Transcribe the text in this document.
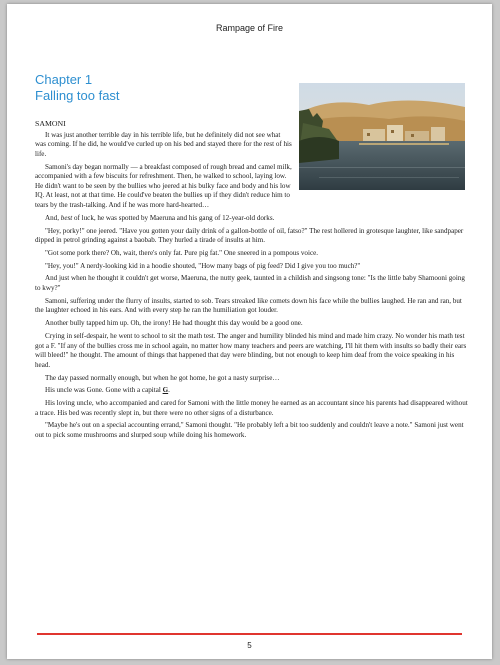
Rampage of Fire
Chapter 1
Falling too fast
SAMONI

It was just another terrible day in his terrible life, but he definitely did not see what was coming. If he did, he would've curled up on his bed and stayed there for the rest of his life.

Samoni's day began normally — a breakfast composed of rough bread and camel milk, accompanied with a few biscuits for refreshment. Then, he walked to school, laying low. He didn't want to be seen by the bullies who jeered at his bulky face and body and his low IQ. At least, not at that time. He could've beaten the bullies up if they didn't reduce him to tears by the trash-talking. And if he was more hard-hearted…

And, best of luck, he was spotted by Maeruna and his gang of 12-year-old dorks.

"Hey, porky!" one jeered. "Have you gotten your daily drink of a gallon-bottle of oil, fatso?" The rest hollered in grotesque laughter, like sandpaper dipped in petrol grinding against a baobab. They hurled a tirade of insults at him.

"Got some pork there? Oh, wait, there's only fat. Pure pig fat." One sneered in a pompous voice.

"Hey, you!" A nerdy-looking kid in a hoodie shouted, "How many bags of pig feed? Did I give you too much?"

And just when he thought it couldn't get worse, Maeruna, the nutty geek, taunted in a childish and singsong tone: "Is the little baby Shamooni going to kwy?"

Samoni, suffering under the flurry of insults, started to sob. Tears streaked like comets down his face while the bullies laughed. He ran and ran, but the laughter echoed in his ears. And with every step he ran the humiliation got louder.

Another bully tapped him up. Oh, the irony! He had thought this day would be a good one.

Crying in self-despair, he went to school to sit the math test. The anger and humility blinded his mind and made him crazy. No wonder his math test got a F. "If any of the bullies cross me in school again, no matter how many teachers and peers are watching, I'll hit them with insults so badly their ears will bleed!" he thought. The amount of things that happened that day were blinding, but not enough to keep him deaf from the voice speaking in his head.

The day passed normally enough, but when he got home, he got a nasty surprise…

His uncle was Gone. Gone with a capital G.

His loving uncle, who accompanied and cared for Samoni with the little money he earned as an accountant since his parents had disappeared without a trace. His bed was recently slept in, but there were no other signs of a disturbance.

"Maybe he's out on a special accounting errand," Samoni thought. "He probably left a bit too suddenly and couldn't leave a note." Samoni just went out to pick some mushrooms and slurped soup while doing his homework.

5
